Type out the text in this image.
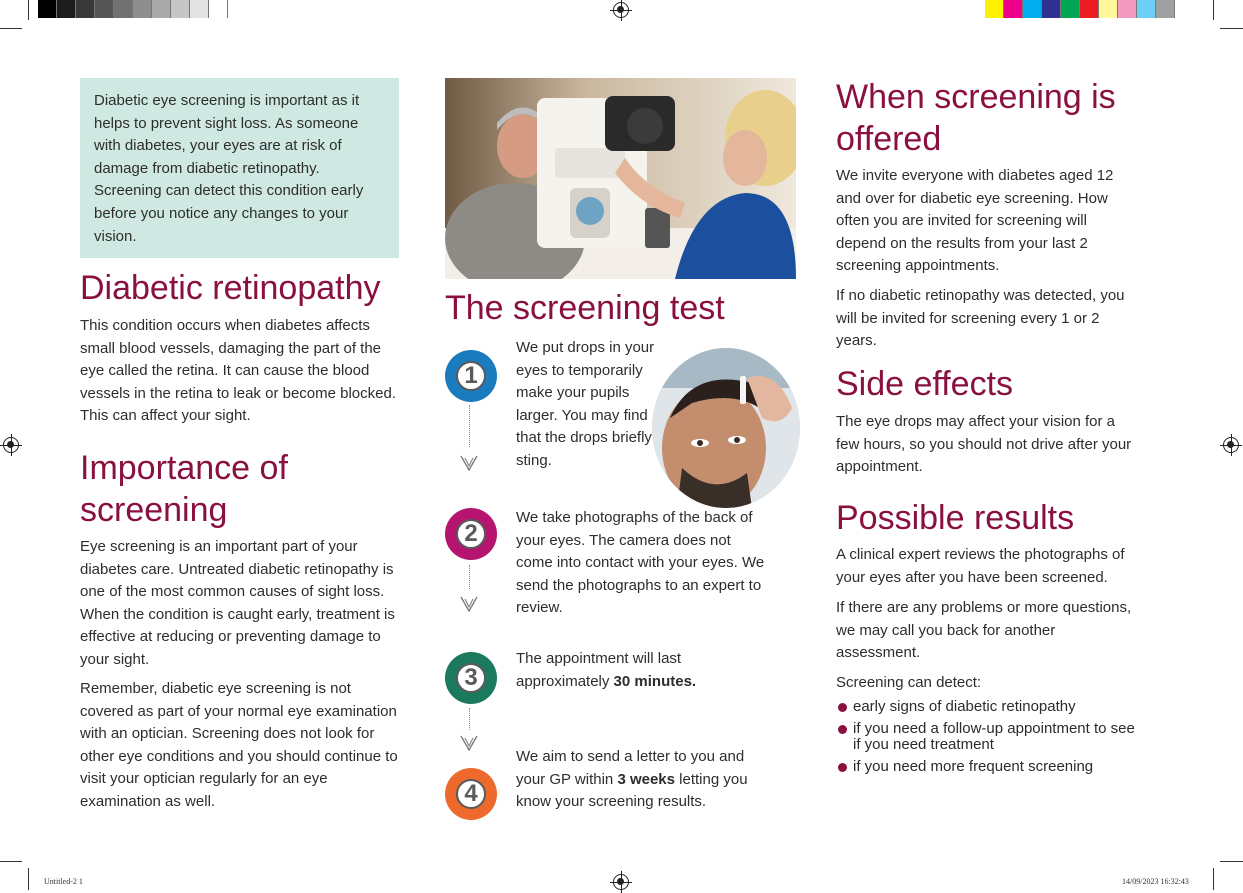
Untitled-2 1	14/09/2023 16:32:43

Diabetic eye screening is important as it helps to prevent sight loss. As someone with diabetes, your eyes are at risk of damage from diabetic retinopathy. Screening can detect this condition early before you notice any changes to your vision.

Diabetic retinopathy

This condition occurs when diabetes affects small blood vessels, damaging the part of the eye called the retina. It can cause the blood vessels in the retina to leak or become blocked. This can affect your sight.

Importance of screening

Eye screening is an important part of your diabetes care. Untreated diabetic retinopathy is one of the most common causes of sight loss. When the condition is caught early, treatment is effective at reducing or preventing damage to your sight.

Remember, diabetic eye screening is not covered as part of your normal eye examination with an optician. Screening does not look for other eye conditions and you should continue to visit your optician regularly for an eye examination as well.

The screening test
1

We put drops in your eyes to temporarily make your pupils larger. You may find that the drops briefly sting.

2

We take photographs of the back of your eyes. The camera does not come into contact with your eyes. We send the photographs to an expert to review.

3

The appointment will last approximately 30 minutes.

4

We aim to send a letter to you and your GP within 3 weeks letting you know your screening results.

When screening is offered

We invite everyone with diabetes aged 12 and over for diabetic eye screening. How often you are invited for screening will depend on the results from your last 2 screening appointments.

If no diabetic retinopathy was detected, you will be invited for screening every 1 or 2 years.

Side effects

The eye drops may affect your vision for a few hours, so you should not drive after your appointment.

Possible results

A clinical expert reviews the photographs of your eyes after you have been screened.

If there are any problems or more questions, we may call you back for another assessment.

Screening can detect:

early signs of diabetic retinopathy
if you need a follow-up appointment to see if you need treatment
if you need more frequent screening
